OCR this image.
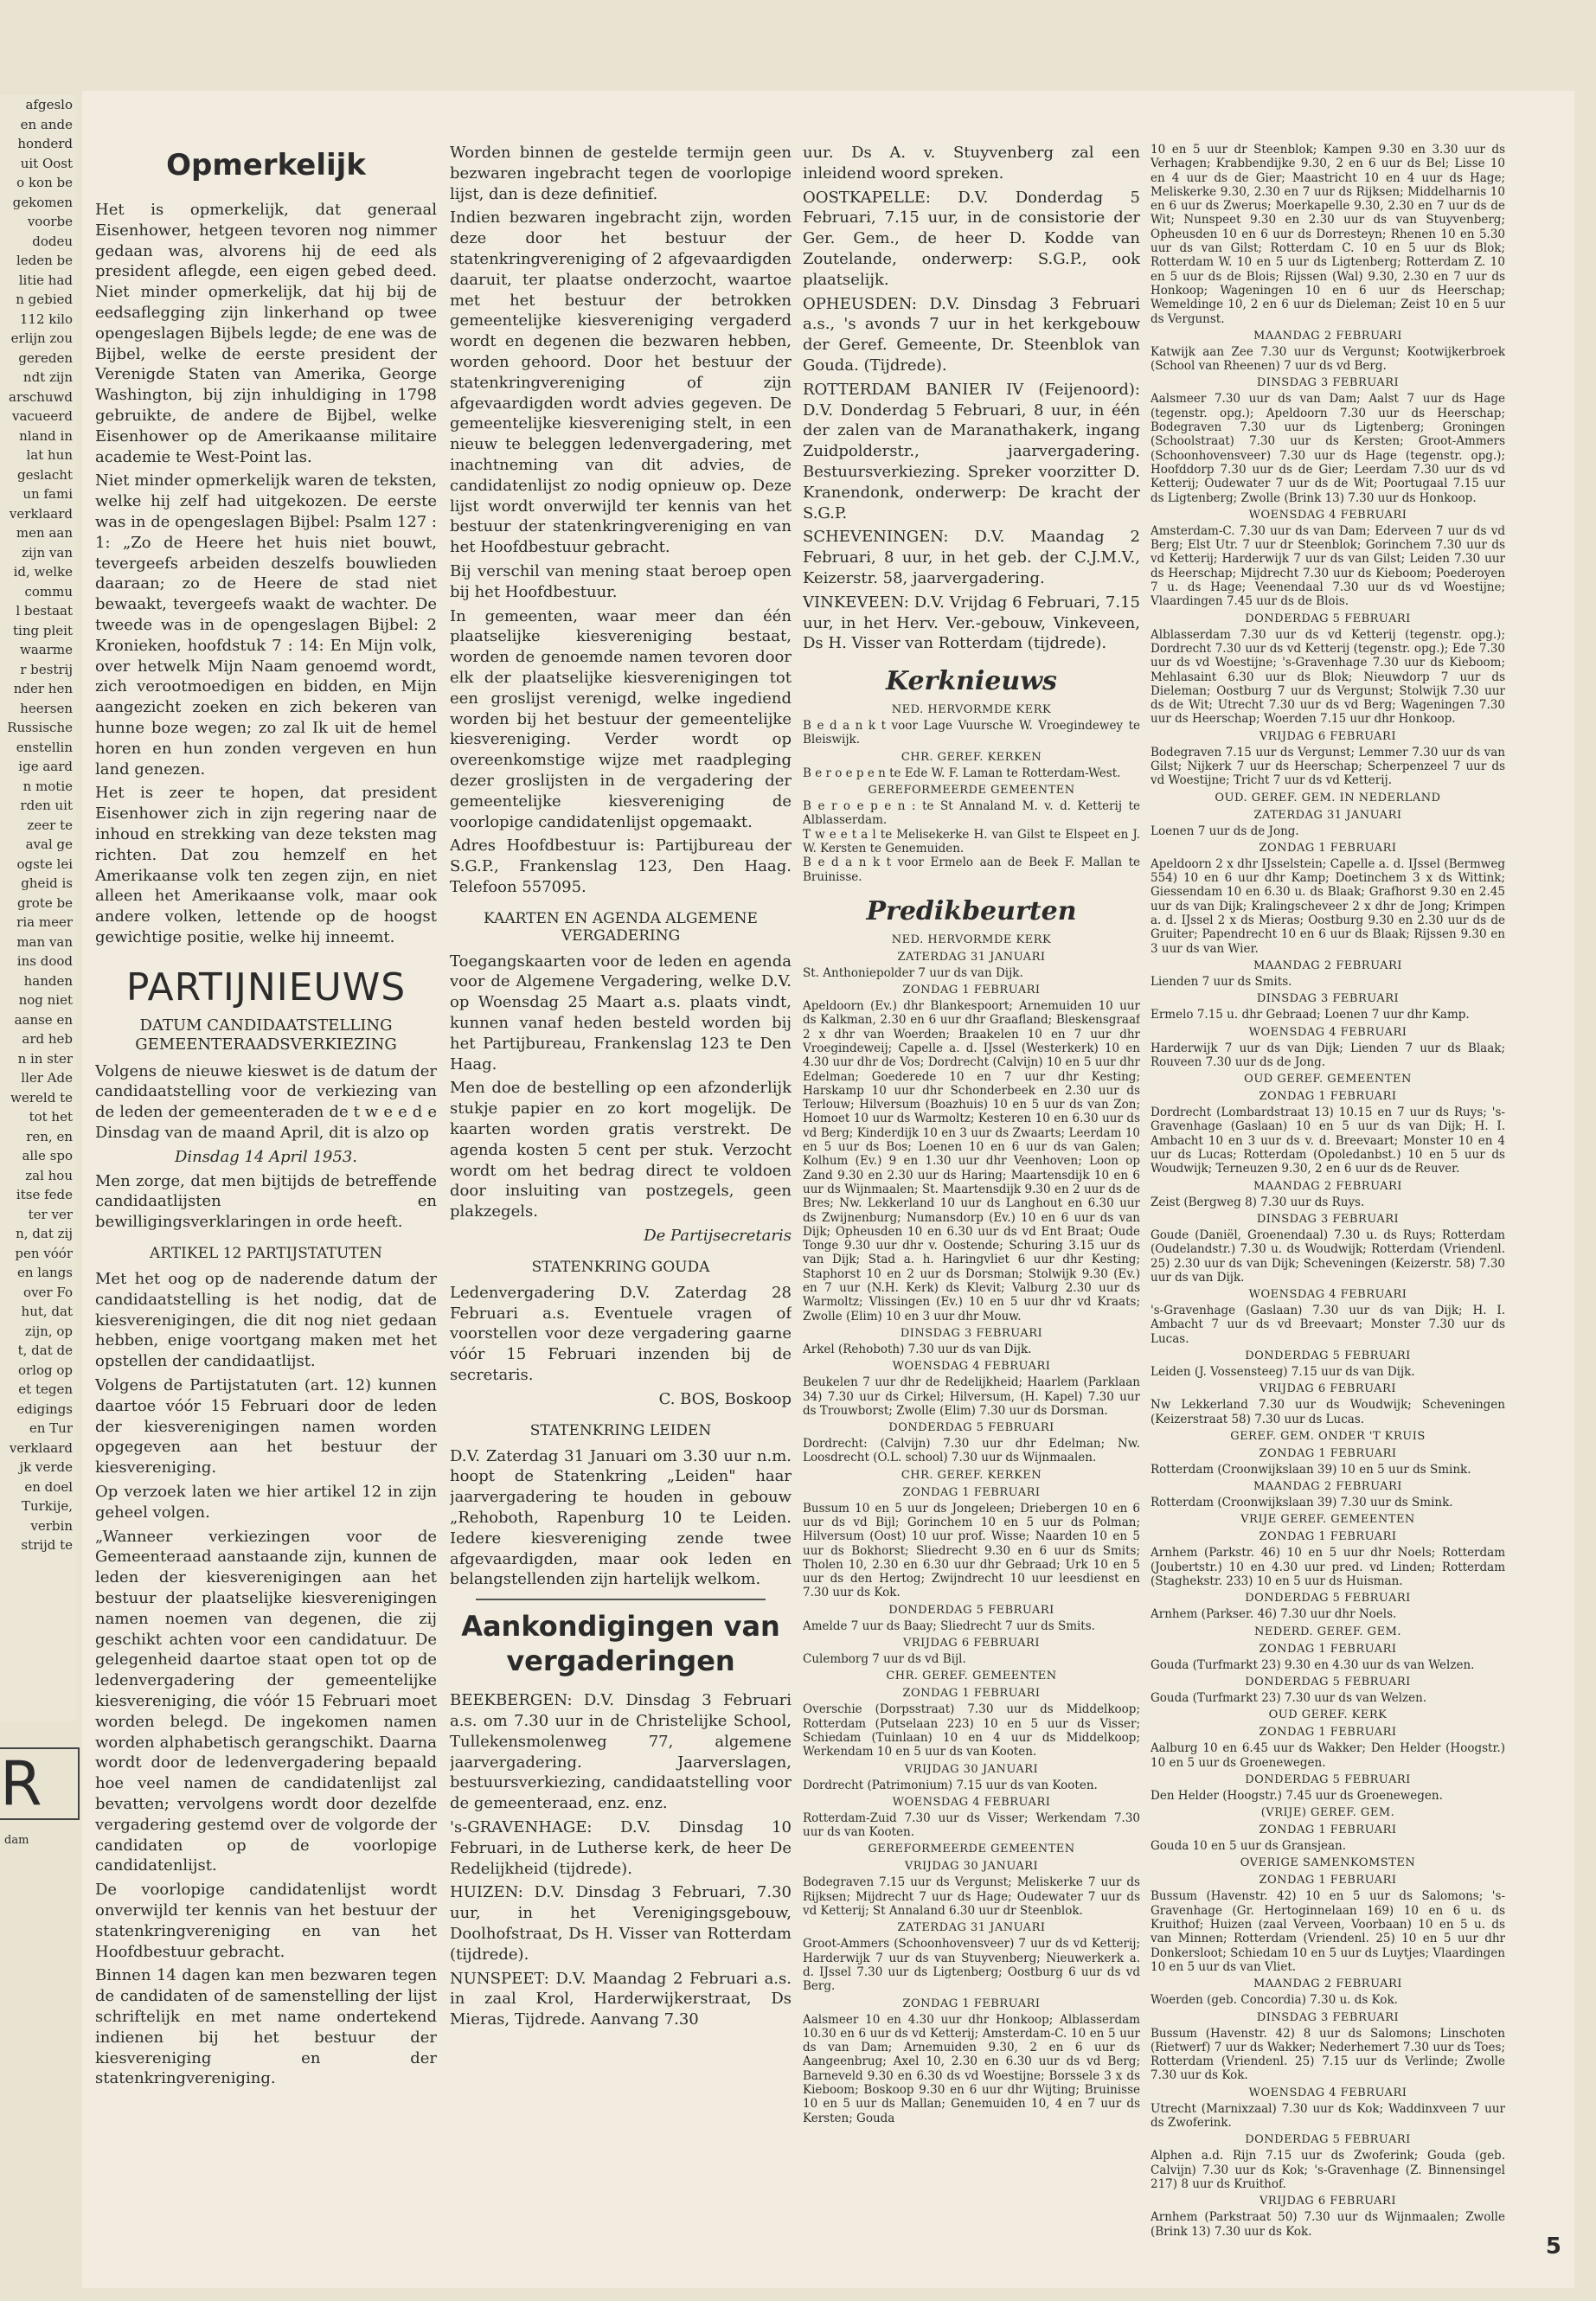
afgeslo
en ande
honderd
uit Oost
o kon be
gekomen
voorbe
dodeu
leden be
litie had
n gebied
112 kilo
erlijn zou
gereden
ndt zijn
arschuwd
vacueerd
nland in
lat hun
geslacht
un fami
verklaard
men aan
zijn van
id, welke
commu
l bestaat
ting pleit
waarme
r bestrij
nder hen
heersen
Russische
enstellin
ige aard
n motie
rden uit
zeer te
aval ge
ogste lei
gheid is
grote be
ria meer
man van
ins dood
handen
nog niet
aanse en
ard heb
n in ster
ller Ade
wereld te
tot het
ren, en
alle spo
zal hou
itse fede
ter ver
n, dat zij
pen vóór
en langs
over Fo
hut, dat
zijn, op
t, dat de
orlog op
et tegen
edigings
en Tur
verklaard
jk verde
en doel
Turkije,
verbin
strijd te
R
dam
Opmerkelijk

Het is opmerkelijk, dat generaal Eisenhower, hetgeen tevoren nog nimmer gedaan was, alvorens hij de eed als president aflegde, een eigen gebed deed. Niet minder opmerkelijk, dat hij bij de eedsaflegging zijn linkerhand op twee opengeslagen Bijbels legde; de ene was de Bijbel, welke de eerste president der Verenigde Staten van Amerika, George Washington, bij zijn inhuldiging in 1798 gebruikte, de andere de Bijbel, welke Eisenhower op de Amerikaanse militaire academie te West-Point las.

Niet minder opmerkelijk waren de teksten, welke hij zelf had uitgekozen. De eerste was in de opengeslagen Bijbel: Psalm 127 : 1: „Zo de Heere het huis niet bouwt, tevergeefs arbeiden deszelfs bouwlieden daaraan; zo de Heere de stad niet bewaakt, tevergeefs waakt de wachter. De tweede was in de opengeslagen Bijbel: 2 Kronieken, hoofdstuk 7 : 14: En Mijn volk, over hetwelk Mijn Naam genoemd wordt, zich verootmoedigen en bidden, en Mijn aangezicht zoeken en zich bekeren van hunne boze wegen; zo zal Ik uit de hemel horen en hun zonden vergeven en hun land genezen.

Het is zeer te hopen, dat president Eisenhower zich in zijn regering naar de inhoud en strekking van deze teksten mag richten. Dat zou hemzelf en het Amerikaanse volk ten zegen zijn, en niet alleen het Amerikaanse volk, maar ook andere volken, lettende op de hoogst gewichtige positie, welke hij inneemt.

PARTIJNIEUWS
DATUM CANDIDAATSTELLING GEMEENTERAADSVERKIEZING

Volgens de nieuwe kieswet is de datum der candidaatstelling voor de verkiezing van de leden der gemeenteraden de t w e e d e Dinsdag van de maand April, dit is alzo op

Dinsdag 14 April 1953.

Men zorge, dat men bijtijds de betreffende candidaatlijsten en bewilligingsverklaringen in orde heeft.

ARTIKEL 12 PARTIJSTATUTEN

Met het oog op de naderende datum der candidaatstelling is het nodig, dat de kiesverenigingen, die dit nog niet gedaan hebben, enige voortgang maken met het opstellen der candidaatlijst.

Volgens de Partijstatuten (art. 12) kunnen daartoe vóór 15 Februari door de leden der kiesverenigingen namen worden opgegeven aan het bestuur der kiesvereniging.

Op verzoek laten we hier artikel 12 in zijn geheel volgen.

„Wanneer verkiezingen voor de Gemeenteraad aanstaande zijn, kunnen de leden der kiesverenigingen aan het bestuur der plaatselijke kiesverenigingen namen noemen van degenen, die zij geschikt achten voor een candidatuur. De gelegenheid daartoe staat open tot op de ledenvergadering der gemeentelijke kiesvereniging, die vóór 15 Februari moet worden belegd. De ingekomen namen worden alphabetisch gerangschikt. Daarna wordt door de ledenvergadering bepaald hoe veel namen de candidatenlijst zal bevatten; vervolgens wordt door dezelfde vergadering gestemd over de volgorde der candidaten op de voorlopige candidatenlijst.

De voorlopige candidatenlijst wordt onverwijld ter kennis van het bestuur der statenkringvereniging en van het Hoofdbestuur gebracht.

Binnen 14 dagen kan men bezwaren tegen de candidaten of de samenstelling der lijst schriftelijk en met name ondertekend indienen bij het bestuur der kiesvereniging en der statenkringvereniging.

Worden binnen de gestelde termijn geen bezwaren ingebracht tegen de voorlopige lijst, dan is deze definitief.

Indien bezwaren ingebracht zijn, worden deze door het bestuur der statenkringvereniging of 2 afgevaardigden daaruit, ter plaatse onderzocht, waartoe met het bestuur der betrokken gemeentelijke kiesvereniging vergaderd wordt en degenen die bezwaren hebben, worden gehoord. Door het bestuur der statenkringvereniging of zijn afgevaardigden wordt advies gegeven. De gemeentelijke kiesvereniging stelt, in een nieuw te beleggen ledenvergadering, met inachtneming van dit advies, de candidatenlijst zo nodig opnieuw op. Deze lijst wordt onverwijld ter kennis van het bestuur der statenkringvereniging en van het Hoofdbestuur gebracht.

Bij verschil van mening staat beroep open bij het Hoofdbestuur.

In gemeenten, waar meer dan één plaatselijke kiesvereniging bestaat, worden de genoemde namen tevoren door elk der plaatselijke kiesverenigingen tot een groslijst verenigd, welke ingediend worden bij het bestuur der gemeentelijke kiesvereniging. Verder wordt op overeenkomstige wijze met raadpleging dezer groslijsten in de vergadering der gemeentelijke kiesvereniging de voorlopige candidatenlijst opgemaakt.

Adres Hoofdbestuur is: Partijbureau der S.G.P., Frankenslag 123, Den Haag. Telefoon 557095.

KAARTEN EN AGENDA ALGEMENE VERGADERING

Toegangskaarten voor de leden en agenda voor de Algemene Vergadering, welke D.V. op Woensdag 25 Maart a.s. plaats vindt, kunnen vanaf heden besteld worden bij het Partijbureau, Frankenslag 123 te Den Haag.

Men doe de bestelling op een afzonderlijk stukje papier en zo kort mogelijk. De kaarten worden gratis verstrekt. De agenda kosten 5 cent per stuk. Verzocht wordt om het bedrag direct te voldoen door insluiting van postzegels, geen plakzegels.

De Partijsecretaris

STATENKRING GOUDA

Ledenvergadering D.V. Zaterdag 28 Februari a.s. Eventuele vragen of voorstellen voor deze vergadering gaarne vóór 15 Februari inzenden bij de secretaris.

C. BOS, Boskoop

STATENKRING LEIDEN

D.V. Zaterdag 31 Januari om 3.30 uur n.m. hoopt de Statenkring „Leiden" haar jaarvergadering te houden in gebouw „Rehoboth, Rapenburg 10 te Leiden. Iedere kiesvereniging zende twee afgevaardigden, maar ook leden en belangstellenden zijn hartelijk welkom.

Aankondigingen van vergaderingen

BEEKBERGEN: D.V. Dinsdag 3 Februari a.s. om 7.30 uur in de Christelijke School, Tullekensmolenweg 77, algemene jaarvergadering. Jaarverslagen, bestuursverkiezing, candidaatstelling voor de gemeenteraad, enz. enz.

's-GRAVENHAGE: D.V. Dinsdag 10 Februari, in de Lutherse kerk, de heer De Redelijkheid (tijdrede).

HUIZEN: D.V. Dinsdag 3 Februari, 7.30 uur, in het Verenigingsgebouw, Doolhofstraat, Ds H. Visser van Rotterdam (tijdrede).

NUNSPEET: D.V. Maandag 2 Februari a.s. in zaal Krol, Harderwijkerstraat, Ds Mieras, Tijdrede. Aanvang 7.30

uur. Ds A. v. Stuyvenberg zal een inleidend woord spreken.

OOSTKAPELLE: D.V. Donderdag 5 Februari, 7.15 uur, in de consistorie der Ger. Gem., de heer D. Kodde van Zoutelande, onderwerp: S.G.P., ook plaatselijk.

OPHEUSDEN: D.V. Dinsdag 3 Februari a.s., 's avonds 7 uur in het kerkgebouw der Geref. Gemeente, Dr. Steenblok van Gouda. (Tijdrede).

ROTTERDAM BANIER IV (Feijenoord): D.V. Donderdag 5 Februari, 8 uur, in één der zalen van de Maranathakerk, ingang Zuidpolderstr., jaarvergadering. Bestuursverkiezing. Spreker voorzitter D. Kranendonk, onderwerp: De kracht der S.G.P.

SCHEVENINGEN: D.V. Maandag 2 Februari, 8 uur, in het geb. der C.J.M.V., Keizerstr. 58, jaarvergadering.

VINKEVEEN: D.V. Vrijdag 6 Februari, 7.15 uur, in het Herv. Ver.-gebouw, Vinkeveen, Ds H. Visser van Rotterdam (tijdrede).

Kerknieuws
NED. HERVORMDE KERK

B e d a n k t voor Lage Vuursche W. Vroegindewey te Bleiswijk.

CHR. GEREF. KERKEN

B e r o e p e n te Ede W. F. Laman te Rotterdam-West.

GEREFORMEERDE GEMEENTEN

B e r o e p e n : te St Annaland M. v. d. Ketterij te Alblasserdam.

T w e e t a l te Melisekerke H. van Gilst te Elspeet en J. W. Kersten te Genemuiden.

B e d a n k t voor Ermelo aan de Beek F. Mallan te Bruinisse.

Predikbeurten
NED. HERVORMDE KERK
ZATERDAG 31 JANUARI

St. Anthoniepolder 7 uur ds van Dijk.

ZONDAG 1 FEBRUARI

Apeldoorn (Ev.) dhr Blankespoort; Arnemuiden 10 uur ds Kalkman, 2.30 en 6 uur dhr Graafland; Bleskensgraaf 2 x dhr van Woerden; Braakelen 10 en 7 uur dhr Vroegindeweij; Capelle a. d. IJssel (Westerkerk) 10 en 4.30 uur dhr de Vos; Dordrecht (Calvijn) 10 en 5 uur dhr Edelman; Goederede 10 en 7 uur dhr Kesting; Harskamp 10 uur dhr Schonderbeek en 2.30 uur ds Terlouw; Hilversum (Boazhuis) 10 en 5 uur ds van Zon; Homoet 10 uur ds Warmoltz; Kesteren 10 en 6.30 uur ds vd Berg; Kinderdijk 10 en 3 uur ds Zwaarts; Leerdam 10 en 5 uur ds Bos; Loenen 10 en 6 uur ds van Galen; Kolhum (Ev.) 9 en 1.30 uur dhr Veenhoven; Loon op Zand 9.30 en 2.30 uur ds Haring; Maartensdijk 10 en 6 uur ds Wijnmaalen; St. Maartensdijk 9.30 en 2 uur ds de Bres; Nw. Lekkerland 10 uur ds Langhout en 6.30 uur ds Zwijnenburg; Numansdorp (Ev.) 10 en 6 uur ds van Dijk; Opheusden 10 en 6.30 uur ds vd Ent Braat; Oude Tonge 9.30 uur dhr v. Oostende; Schuring 3.15 uur ds van Dijk; Stad a. h. Haringvliet 6 uur dhr Kesting; Staphorst 10 en 2 uur ds Dorsman; Stolwijk 9.30 (Ev.) en 7 uur (N.H. Kerk) ds Klevit; Valburg 2.30 uur ds Warmoltz; Vlissingen (Ev.) 10 en 5 uur dhr vd Kraats; Zwolle (Elim) 10 en 3 uur dhr Mouw.

DINSDAG 3 FEBRUARI

Arkel (Rehoboth) 7.30 uur ds van Dijk.

WOENSDAG 4 FEBRUARI

Beukelen 7 uur dhr de Redelijkheid; Haarlem (Parklaan 34) 7.30 uur ds Cirkel; Hilversum, (H. Kapel) 7.30 uur ds Trouwborst; Zwolle (Elim) 7.30 uur ds Dorsman.

DONDERDAG 5 FEBRUARI

Dordrecht: (Calvijn) 7.30 uur dhr Edelman; Nw. Loosdrecht (O.L. school) 7.30 uur ds Wijnmaalen.

CHR. GEREF. KERKEN
ZONDAG 1 FEBRUARI

Bussum 10 en 5 uur ds Jongeleen; Driebergen 10 en 6 uur ds vd Bijl; Gorinchem 10 en 5 uur ds Polman; Hilversum (Oost) 10 uur prof. Wisse; Naarden 10 en 5 uur ds Bokhorst; Sliedrecht 9.30 en 6 uur ds Smits; Tholen 10, 2.30 en 6.30 uur dhr Gebraad; Urk 10 en 5 uur ds den Hertog; Zwijndrecht 10 uur leesdienst en 7.30 uur ds Kok.

DONDERDAG 5 FEBRUARI

Amelde 7 uur ds Baay; Sliedrecht 7 uur ds Smits.

VRIJDAG 6 FEBRUARI

Culemborg 7 uur ds vd Bijl.

CHR. GEREF. GEMEENTEN
ZONDAG 1 FEBRUARI

Overschie (Dorpsstraat) 7.30 uur ds Middelkoop; Rotterdam (Putselaan 223) 10 en 5 uur ds Visser; Schiedam (Tuinlaan) 10 en 4 uur ds Middelkoop; Werkendam 10 en 5 uur ds van Kooten.

VRIJDAG 30 JANUARI

Dordrecht (Patrimonium) 7.15 uur ds van Kooten.

WOENSDAG 4 FEBRUARI

Rotterdam-Zuid 7.30 uur ds Visser; Werkendam 7.30 uur ds van Kooten.

GEREFORMEERDE GEMEENTEN
VRIJDAG 30 JANUARI

Bodegraven 7.15 uur ds Vergunst; Meliskerke 7 uur ds Rijksen; Mijdrecht 7 uur ds Hage; Oudewater 7 uur ds vd Ketterij; St Annaland 6.30 uur dr Steenblok.

ZATERDAG 31 JANUARI

Groot-Ammers (Schoonhovensveer) 7 uur ds vd Ketterij; Harderwijk 7 uur ds van Stuyvenberg; Nieuwerkerk a. d. IJssel 7.30 uur ds Ligtenberg; Oostburg 6 uur ds vd Berg.

ZONDAG 1 FEBRUARI

Aalsmeer 10 en 4.30 uur dhr Honkoop; Alblasserdam 10.30 en 6 uur ds vd Ketterij; Amsterdam-C. 10 en 5 uur ds van Dam; Arnemuiden 9.30, 2 en 6 uur ds Aangeenbrug; Axel 10, 2.30 en 6.30 uur ds vd Berg; Barneveld 9.30 en 6.30 ds vd Woestijne; Borssele 3 x ds Kieboom; Boskoop 9.30 en 6 uur dhr Wijting; Bruinisse 10 en 5 uur ds Mallan; Genemuiden 10, 4 en 7 uur ds Kersten; Gouda

10 en 5 uur dr Steenblok; Kampen 9.30 en 3.30 uur ds Verhagen; Krabbendijke 9.30, 2 en 6 uur ds Bel; Lisse 10 en 4 uur ds de Gier; Maastricht 10 en 4 uur ds Hage; Meliskerke 9.30, 2.30 en 7 uur ds Rijksen; Middelharnis 10 en 6 uur ds Zwerus; Moerkapelle 9.30, 2.30 en 7 uur ds de Wit; Nunspeet 9.30 en 2.30 uur ds van Stuyvenberg; Opheusden 10 en 6 uur ds Dorresteyn; Rhenen 10 en 5.30 uur ds van Gilst; Rotterdam C. 10 en 5 uur ds Blok; Rotterdam W. 10 en 5 uur ds Ligtenberg; Rotterdam Z. 10 en 5 uur ds de Blois; Rijssen (Wal) 9.30, 2.30 en 7 uur ds Honkoop; Wageningen 10 en 6 uur ds Heerschap; Wemeldinge 10, 2 en 6 uur ds Dieleman; Zeist 10 en 5 uur ds Vergunst.

MAANDAG 2 FEBRUARI

Katwijk aan Zee 7.30 uur ds Vergunst; Kootwijkerbroek (School van Rheenen) 7 uur ds vd Berg.

DINSDAG 3 FEBRUARI

Aalsmeer 7.30 uur ds van Dam; Aalst 7 uur ds Hage (tegenstr. opg.); Apeldoorn 7.30 uur ds Heerschap; Bodegraven 7.30 uur ds Ligtenberg; Groningen (Schoolstraat) 7.30 uur ds Kersten; Groot-Ammers (Schoonhovensveer) 7.30 uur ds Hage (tegenstr. opg.); Hoofddorp 7.30 uur ds de Gier; Leerdam 7.30 uur ds vd Ketterij; Oudewater 7 uur ds de Wit; Poortugaal 7.15 uur ds Ligtenberg; Zwolle (Brink 13) 7.30 uur ds Honkoop.

WOENSDAG 4 FEBRUARI

Amsterdam-C. 7.30 uur ds van Dam; Ederveen 7 uur ds vd Berg; Elst Utr. 7 uur dr Steenblok; Gorinchem 7.30 uur ds vd Ketterij; Harderwijk 7 uur ds van Gilst; Leiden 7.30 uur ds Heerschap; Mijdrecht 7.30 uur ds Kieboom; Poederoyen 7 u. ds Hage; Veenendaal 7.30 uur ds vd Woestijne; Vlaardingen 7.45 uur ds de Blois.

DONDERDAG 5 FEBRUARI

Alblasserdam 7.30 uur ds vd Ketterij (tegenstr. opg.); Dordrecht 7.30 uur ds vd Ketterij (tegenstr. opg.); Ede 7.30 uur ds vd Woestijne; 's-Gravenhage 7.30 uur ds Kieboom; Mehlasaint 6.30 uur ds Blok; Nieuwdorp 7 uur ds Dieleman; Oostburg 7 uur ds Vergunst; Stolwijk 7.30 uur ds de Wit; Utrecht 7.30 uur ds vd Berg; Wageningen 7.30 uur ds Heerschap; Woerden 7.15 uur dhr Honkoop.

VRIJDAG 6 FEBRUARI

Bodegraven 7.15 uur ds Vergunst; Lemmer 7.30 uur ds van Gilst; Nijkerk 7 uur ds Heerschap; Scherpenzeel 7 uur ds vd Woestijne; Tricht 7 uur ds vd Ketterij.

OUD. GEREF. GEM. IN NEDERLAND
ZATERDAG 31 JANUARI

Loenen 7 uur ds de Jong.

ZONDAG 1 FEBRUARI

Apeldoorn 2 x dhr IJsselstein; Capelle a. d. IJssel (Bermweg 554) 10 en 6 uur dhr Kamp; Doetinchem 3 x ds Wittink; Giessendam 10 en 6.30 u. ds Blaak; Grafhorst 9.30 en 2.45 uur ds van Dijk; Kralingscheveer 2 x dhr de Jong; Krimpen a. d. IJssel 2 x ds Mieras; Oostburg 9.30 en 2.30 uur ds de Gruiter; Papendrecht 10 en 6 uur ds Blaak; Rijssen 9.30 en 3 uur ds van Wier.

MAANDAG 2 FEBRUARI

Lienden 7 uur ds Smits.

DINSDAG 3 FEBRUARI

Ermelo 7.15 u. dhr Gebraad; Loenen 7 uur dhr Kamp.

WOENSDAG 4 FEBRUARI

Harderwijk 7 uur ds van Dijk; Lienden 7 uur ds Blaak; Rouveen 7.30 uur ds de Jong.

OUD GEREF. GEMEENTEN
ZONDAG 1 FEBRUARI

Dordrecht (Lombardstraat 13) 10.15 en 7 uur ds Ruys; 's-Gravenhage (Gaslaan) 10 en 5 uur ds van Dijk; H. I. Ambacht 10 en 3 uur ds v. d. Breevaart; Monster 10 en 4 uur ds Lucas; Rotterdam (Opoledanbst.) 10 en 5 uur ds Woudwijk; Terneuzen 9.30, 2 en 6 uur ds de Reuver.

MAANDAG 2 FEBRUARI

Zeist (Bergweg 8) 7.30 uur ds Ruys.

DINSDAG 3 FEBRUARI

Goude (Daniël, Groenendaal) 7.30 u. ds Ruys; Rotterdam (Oudelandstr.) 7.30 u. ds Woudwijk; Rotterdam (Vriendenl. 25) 2.30 uur ds van Dijk; Scheveningen (Keizerstr. 58) 7.30 uur ds van Dijk.

WOENSDAG 4 FEBRUARI

's-Gravenhage (Gaslaan) 7.30 uur ds van Dijk; H. I. Ambacht 7 uur ds vd Breevaart; Monster 7.30 uur ds Lucas.

DONDERDAG 5 FEBRUARI

Leiden (J. Vossensteeg) 7.15 uur ds van Dijk.

VRIJDAG 6 FEBRUARI

Nw Lekkerland 7.30 uur ds Woudwijk; Scheveningen (Keizerstraat 58) 7.30 uur ds Lucas.

GEREF. GEM. ONDER 'T KRUIS
ZONDAG 1 FEBRUARI

Rotterdam (Croonwijkslaan 39) 10 en 5 uur ds Smink.

MAANDAG 2 FEBRUARI

Rotterdam (Croonwijkslaan 39) 7.30 uur ds Smink.

VRIJE GEREF. GEMEENTEN
ZONDAG 1 FEBRUARI

Arnhem (Parkstr. 46) 10 en 5 uur dhr Noels; Rotterdam (Joubertstr.) 10 en 4.30 uur pred. vd Linden; Rotterdam (Staghekstr. 233) 10 en 5 uur ds Huisman.

DONDERDAG 5 FEBRUARI

Arnhem (Parkser. 46) 7.30 uur dhr Noels.

NEDERD. GEREF. GEM.
ZONDAG 1 FEBRUARI

Gouda (Turfmarkt 23) 9.30 en 4.30 uur ds van Welzen.

DONDERDAG 5 FEBRUARI

Gouda (Turfmarkt 23) 7.30 uur ds van Welzen.

OUD GEREF. KERK
ZONDAG 1 FEBRUARI

Aalburg 10 en 6.45 uur ds Wakker; Den Helder (Hoogstr.) 10 en 5 uur ds Groenewegen.

DONDERDAG 5 FEBRUARI

Den Helder (Hoogstr.) 7.45 uur ds Groenewegen.

(VRIJE) GEREF. GEM.
ZONDAG 1 FEBRUARI

Gouda 10 en 5 uur ds Gransjean.

OVERIGE SAMENKOMSTEN
ZONDAG 1 FEBRUARI

Bussum (Havenstr. 42) 10 en 5 uur ds Salomons; 's-Gravenhage (Gr. Hertoginnelaan 169) 10 en 6 u. ds Kruithof; Huizen (zaal Verveen, Voorbaan) 10 en 5 u. ds van Minnen; Rotterdam (Vriendenl. 25) 10 en 5 uur dhr Donkersloot; Schiedam 10 en 5 uur ds Luytjes; Vlaardingen 10 en 5 uur ds van Vliet.

MAANDAG 2 FEBRUARI

Woerden (geb. Concordia) 7.30 u. ds Kok.

DINSDAG 3 FEBRUARI

Bussum (Havenstr. 42) 8 uur ds Salomons; Linschoten (Rietwerf) 7 uur ds Wakker; Nederhemert 7.30 uur ds Toes; Rotterdam (Vriendenl. 25) 7.15 uur ds Verlinde; Zwolle 7.30 uur ds Kok.

WOENSDAG 4 FEBRUARI

Utrecht (Marnixzaal) 7.30 uur ds Kok; Waddinxveen 7 uur ds Zwoferink.

DONDERDAG 5 FEBRUARI

Alphen a.d. Rijn 7.15 uur ds Zwoferink; Gouda (geb. Calvijn) 7.30 uur ds Kok; 's-Gravenhage (Z. Binnensingel 217) 8 uur ds Kruithof.

VRIJDAG 6 FEBRUARI

Arnhem (Parkstraat 50) 7.30 uur ds Wijnmaalen; Zwolle (Brink 13) 7.30 uur ds Kok.

5
